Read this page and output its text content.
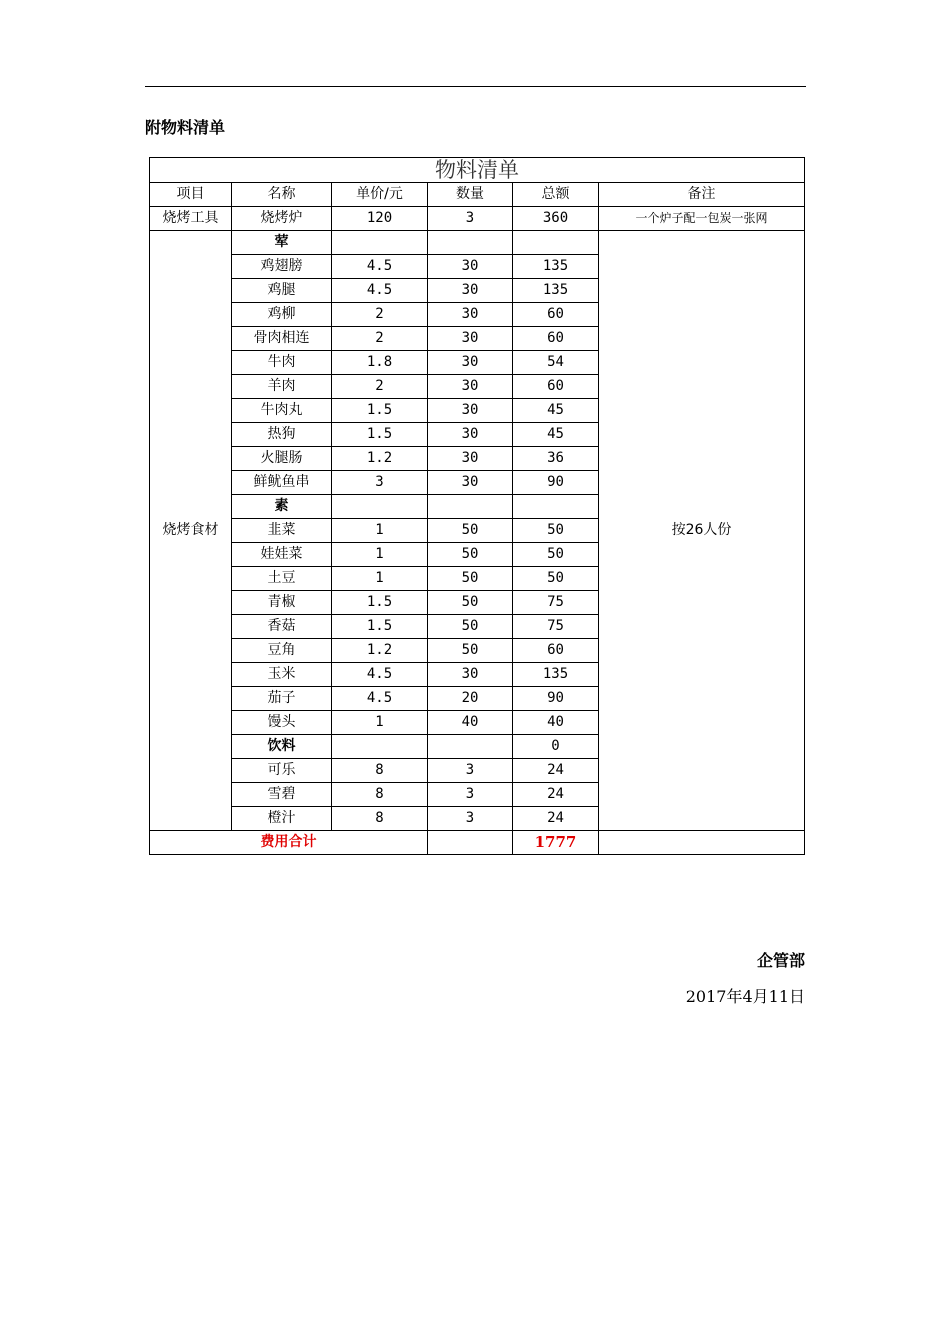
附物料清单
物料清单					
项目	名称	单价/元	数量	总额	备注
烧烤工具	烧烤炉	120	3	360	一个炉子配一包炭一张网
烧烤食材	荤				按26人份
	鸡翅膀	4.5	30	135	
	鸡腿	4.5	30	135	
	鸡柳	2	30	60	
	骨肉相连	2	30	60	
	牛肉	1.8	30	54	
	羊肉	2	30	60	
	牛肉丸	1.5	30	45	
	热狗	1.5	30	45	
	火腿肠	1.2	30	36	
	鲜鱿鱼串	3	30	90	
	素				
	韭菜	1	50	50	
	娃娃菜	1	50	50	
	土豆	1	50	50	
	青椒	1.5	50	75	
	香菇	1.5	50	75	
	豆角	1.2	50	60	
	玉米	4.5	30	135	
	茄子	4.5	20	90	
	馒头	1	40	40	
	饮料			0	
	可乐	8	3	24	
	雪碧	8	3	24	
	橙汁	8	3	24	
费用合计				1777	
企管部
2017年4月11日
